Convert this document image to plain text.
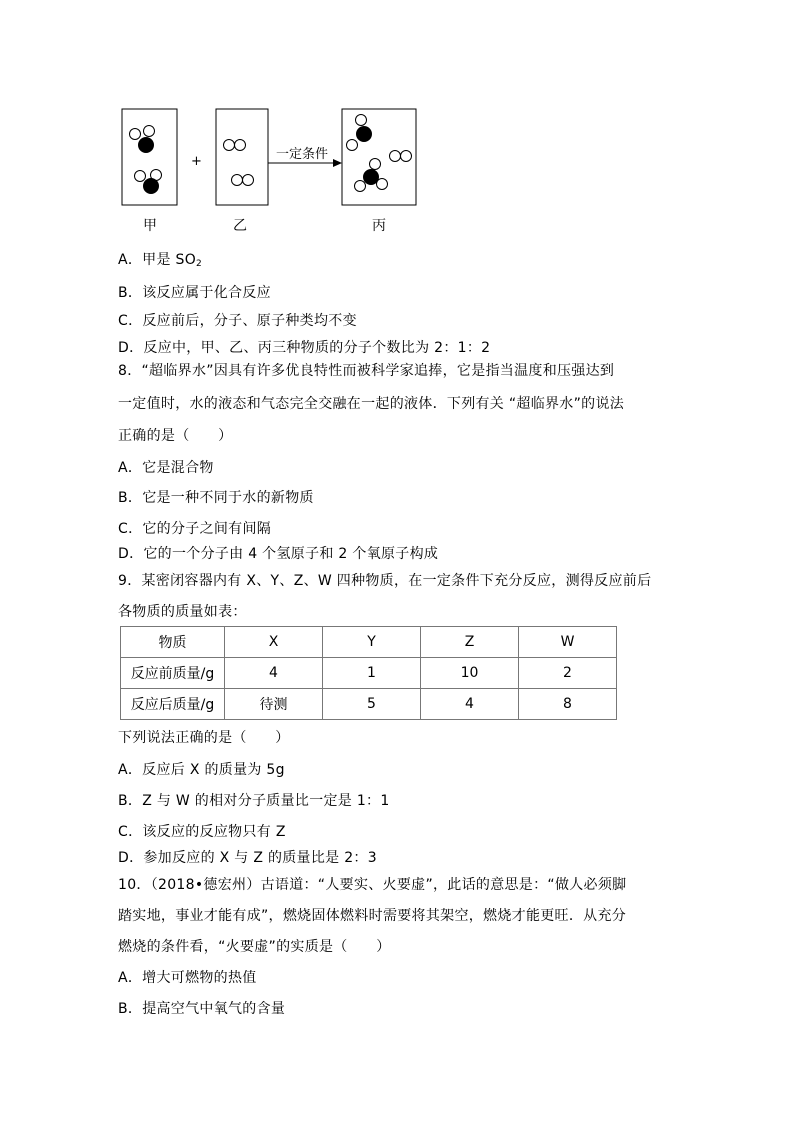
+	一定条件
甲	乙	丙
A．甲是 $SO_2$
B．该反应属于化合反应
C．反应前后，分子、原子种类均不变
D．反应中，甲、乙、丙三种物质的分子个数比为 2：1：2
8．“超临界水”因具有许多优良特性而被科学家追捧，它是指当温度和压强达到
一定值时，水的液态和气态完全交融在一起的液体．下列有关 “超临界水”的说法
正确的是（　　）
A．它是混合物
B．它是一种不同于水的新物质
C．它的分子之间有间隔
D．它的一个分子由 4 个氢原子和 2 个氧原子构成
9．某密闭容器内有 X、Y、Z、W 四种物质，在一定条件下充分反应，测得反应前后
各物质的质量如表：
物质	X	Y	Z	W
反应前质量/g	4	1	10	2
反应后质量/g	待测	5	4	8
下列说法正确的是（　　）
A．反应后 X 的质量为 5g
B．Z 与 W 的相对分子质量比一定是 1：1
C．该反应的反应物只有 Z
D．参加反应的 X 与 Z 的质量比是 2：3
10．（2018•德宏州）古语道：“人要实、火要虚”，此话的意思是：“做人必须脚
踏实地，事业才能有成”，燃烧固体燃料时需要将其架空，燃烧才能更旺．从充分
燃烧的条件看，“火要虚”的实质是（　　）
A．增大可燃物的热值
B．提高空气中氧气的含量
